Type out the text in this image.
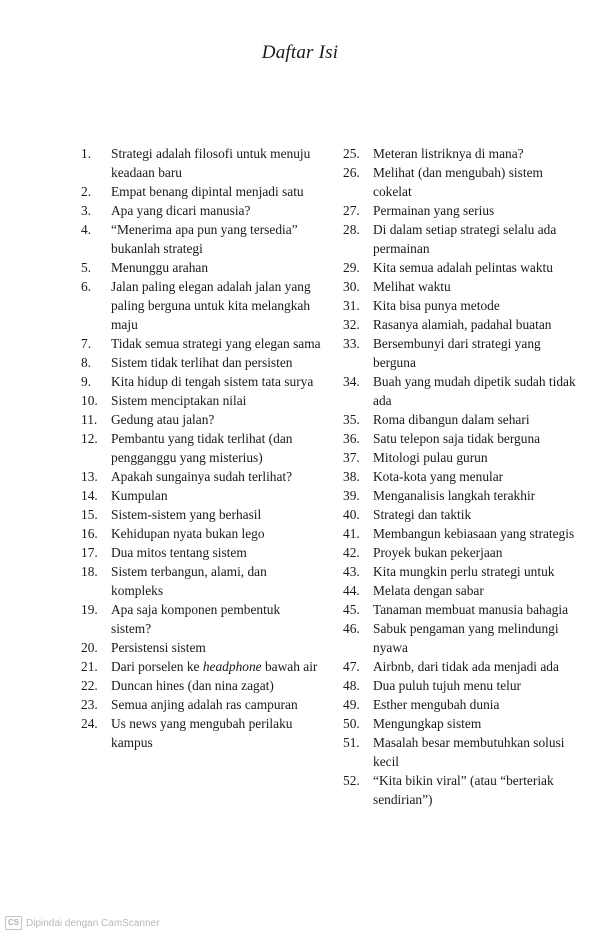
Daftar Isi
1.	Strategi adalah filosofi untuk menuju keadaan baru
2.	Empat benang dipintal menjadi satu
3.	Apa yang dicari manusia?
4.	“Menerima apa pun yang tersedia” bukanlah strategi
5.	Menunggu arahan
6.	Jalan paling elegan adalah jalan yang paling berguna untuk kita melangkah maju
7.	Tidak semua strategi yang elegan sama
8.	Sistem tidak terlihat dan persisten
9.	Kita hidup di tengah sistem tata surya
10. Sistem menciptakan nilai
11.	Gedung atau jalan?
12. Pembantu yang tidak terlihat (dan pengganggu yang misterius)
13. Apakah sungainya sudah terlihat?
14. Kumpulan
15. Sistem-sistem yang berhasil
16. Kehidupan nyata bukan lego
17. Dua mitos tentang sistem
18. Sistem terbangun, alami, dan kompleks
19. Apa saja komponen pembentuk sistem?
20. Persistensi sistem
21. Dari porselen ke headphone bawah air
22. Duncan hines (dan nina zagat)
23. Semua anjing adalah ras campuran
24. Us news yang mengubah perilaku kampus
25. Meteran listriknya di mana?
26. Melihat (dan mengubah) sistem cokelat
27. Permainan yang serius
28. Di dalam setiap strategi selalu ada permainan
29. Kita semua adalah pelintas waktu
30. Melihat waktu
31. Kita bisa punya metode
32. Rasanya alamiah, padahal buatan
33. Bersembunyi dari strategi yang berguna
34. Buah yang mudah dipetik sudah tidak ada
35. Roma dibangun dalam sehari
36. Satu telepon saja tidak berguna
37. Mitologi pulau gurun
38. Kota-kota yang menular
39. Menganalisis langkah terakhir
40. Strategi dan taktik
41. Membangun kebiasaan yang strategis
42. Proyek bukan pekerjaan
43. Kita mungkin perlu strategi untuk
44. Melata dengan sabar
45. Tanaman membuat manusia bahagia
46. Sabuk pengaman yang melindungi nyawa
47. Airbnb, dari tidak ada menjadi ada
48. Dua puluh tujuh menu telur
49. Esther mengubah dunia
50. Mengungkap sistem
51. Masalah besar membutuhkan solusi kecil
52. “Kita bikin viral” (atau “berteriak sendirian”)
CS Dipindai dengan CamScanner
